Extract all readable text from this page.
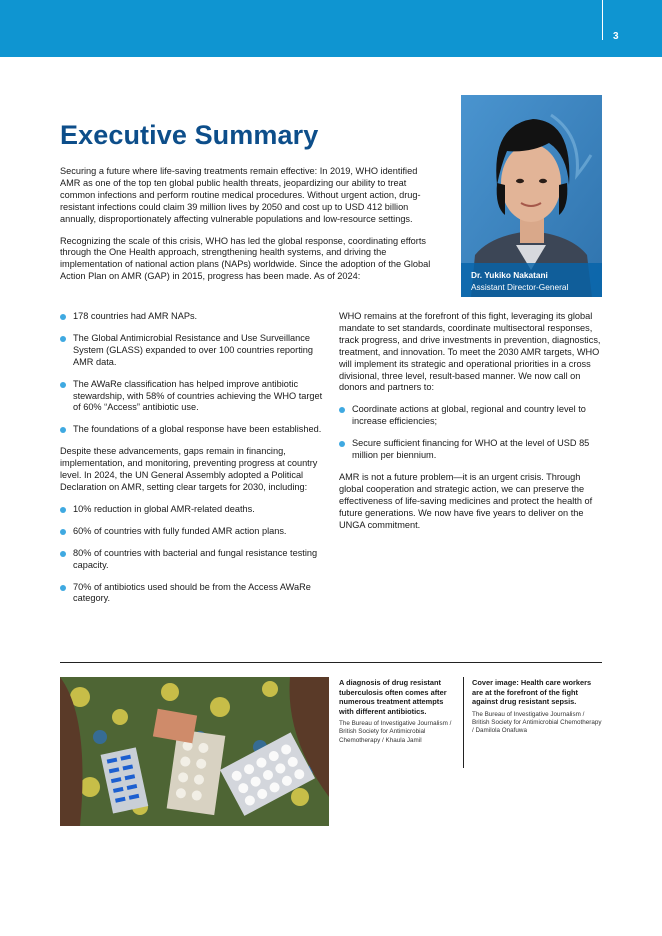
3
Executive Summary

Securing a future where life-saving treatments remain effective: In 2019, WHO identified AMR as one of the top ten global public health threats, jeopardizing our ability to treat common infections and perform routine medical procedures. Without urgent action, drug-resistant infections could claim 39 million lives by 2050 and cost up to USD 412 billion annually, disproportionately affecting vulnerable populations and low-resource settings.

Recognizing the scale of this crisis, WHO has led the global response, coordinating efforts through the One Health approach, strengthening health systems, and driving the implementation of national action plans (NAPs) worldwide. Since the adoption of the Global Action Plan on AMR (GAP) in 2015, progress has been made. As of 2024:	Dr. Yukiko Nakatani
Assistant Director-General
178 countries had AMR NAPs.
The Global Antimicrobial Resistance and Use Surveillance System (GLASS) expanded to over 100 countries reporting AMR data.
The AWaRe classification has helped improve antibiotic stewardship, with 58% of countries achieving the WHO target of 60% “Access” antibiotic use.
The foundations of a global response have been established.

Despite these advancements, gaps remain in financing, implementation, and monitoring, preventing progress at country level. In 2024, the UN General Assembly adopted a Political Declaration on AMR, setting clear targets for 2030, including:

10% reduction in global AMR-related deaths.
60% of countries with fully funded AMR action plans.
80% of countries with bacterial and fungal resistance testing capacity.
70% of antibiotics used should be from the Access AWaRe category.

WHO remains at the forefront of this fight, leveraging its global mandate to set standards, coordinate multisectoral responses, track progress, and drive investments in prevention, diagnostics, treatment, and innovation. To meet the 2030 AMR targets, WHO will implement its strategic and operational priorities in a cross divisional, three level, result-based manner. We now call on donors and partners to:

Coordinate actions at global, regional and country level to increase efficiencies;
Secure sufficient financing for WHO at the level of USD 85 million per biennium.

AMR is not a future problem—it is an urgent crisis. Through global cooperation and strategic action, we can preserve the effectiveness of life-saving medicines and protect the health of future generations. We now have five years to deliver on the UNGA commitment.

A diagnosis of drug resistant tuberculosis often comes after numerous treatment attempts with different antibiotics.
The Bureau of Investigative Journalism / British Society for Antimicrobial Chemotherapy / Khaula Jamil
Cover image: Health care workers are at the forefront of the fight against drug resistant sepsis.
The Bureau of Investigative Journalism / British Society for Antimicrobial Chemotherapy / Damilola Onafuwa
